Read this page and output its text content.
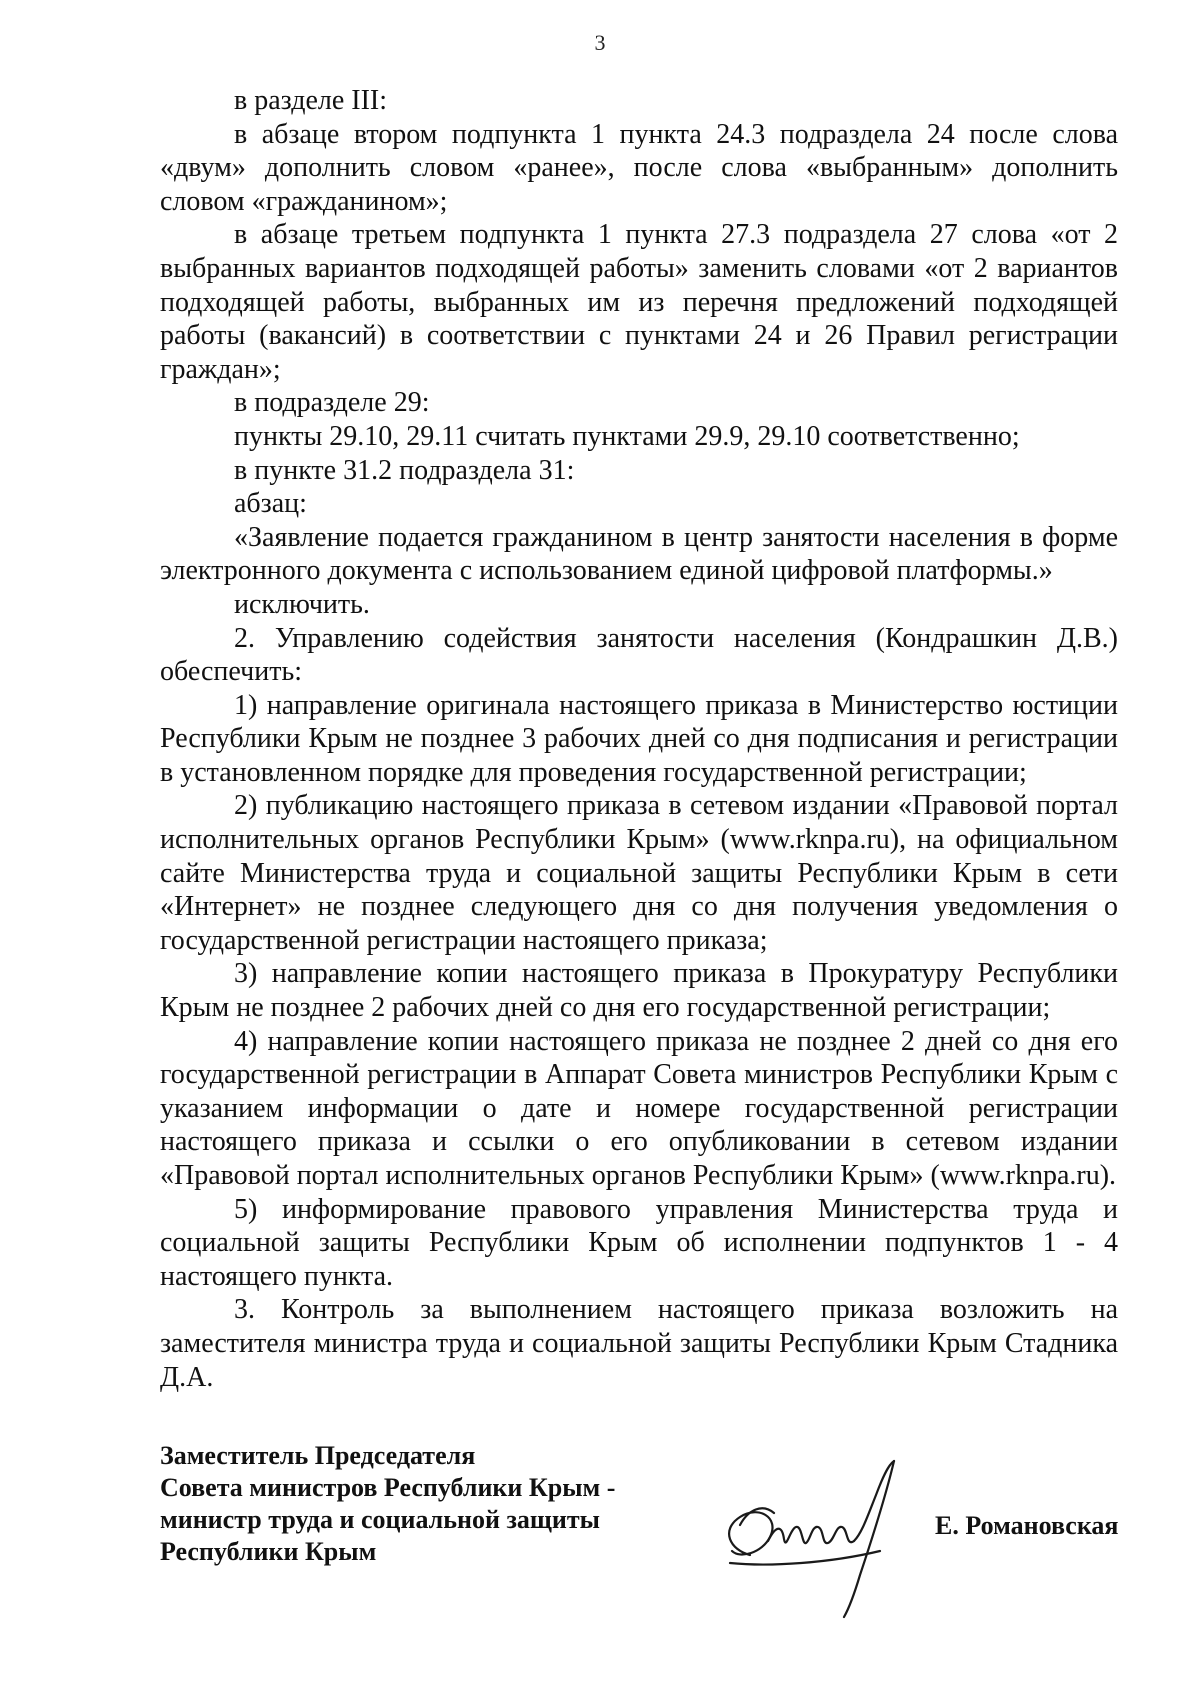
3

в разделе III:

в абзаце втором подпункта 1 пункта 24.3 подраздела 24 после слова «двум» дополнить словом «ранее», после слова «выбранным» дополнить словом «гражданином»;

в абзаце третьем подпункта 1 пункта 27.3 подраздела 27 слова «от 2 выбранных вариантов подходящей работы» заменить словами «от 2 вариантов подходящей работы, выбранных им из перечня предложений подходящей работы (вакансий) в соответствии с пунктами 24 и 26 Правил регистрации граждан»;

в подразделе 29:

пункты 29.10, 29.11 считать пунктами 29.9, 29.10 соответственно;

в пункте 31.2 подраздела 31:

абзац:

«Заявление подается гражданином в центр занятости населения в форме электронного документа с использованием единой цифровой платформы.»

исключить.

2. Управлению содействия занятости населения (Кондрашкин Д.В.) обеспечить:

1) направление оригинала настоящего приказа в Министерство юстиции Республики Крым не позднее 3 рабочих дней со дня подписания и регистрации в установленном порядке для проведения государственной регистрации;

2) публикацию настоящего приказа в сетевом издании «Правовой портал исполнительных органов Республики Крым» (www.rknpa.ru), на официальном сайте Министерства труда и социальной защиты Республики Крым в сети «Интернет» не позднее следующего дня со дня получения уведомления о государственной регистрации настоящего приказа;

3) направление копии настоящего приказа в Прокуратуру Республики Крым не позднее 2 рабочих дней со дня его государственной регистрации;

4) направление копии настоящего приказа не позднее 2 дней со дня его государственной регистрации в Аппарат Совета министров Республики Крым с указанием информации о дате и номере государственной регистрации настоящего приказа и ссылки о его опубликовании в сетевом издании «Правовой портал исполнительных органов Республики Крым» (www.rknpa.ru).

5) информирование правового управления Министерства труда и социальной защиты Республики Крым об исполнении подпунктов 1 - 4 настоящего пункта.

3. Контроль за выполнением настоящего приказа возложить на заместителя министра труда и социальной защиты Республики Крым Стадника Д.А.

Заместитель Председателя
Совета министров Республики Крым -
министр труда и социальной защиты
Республики Крым
Е. Романовская
